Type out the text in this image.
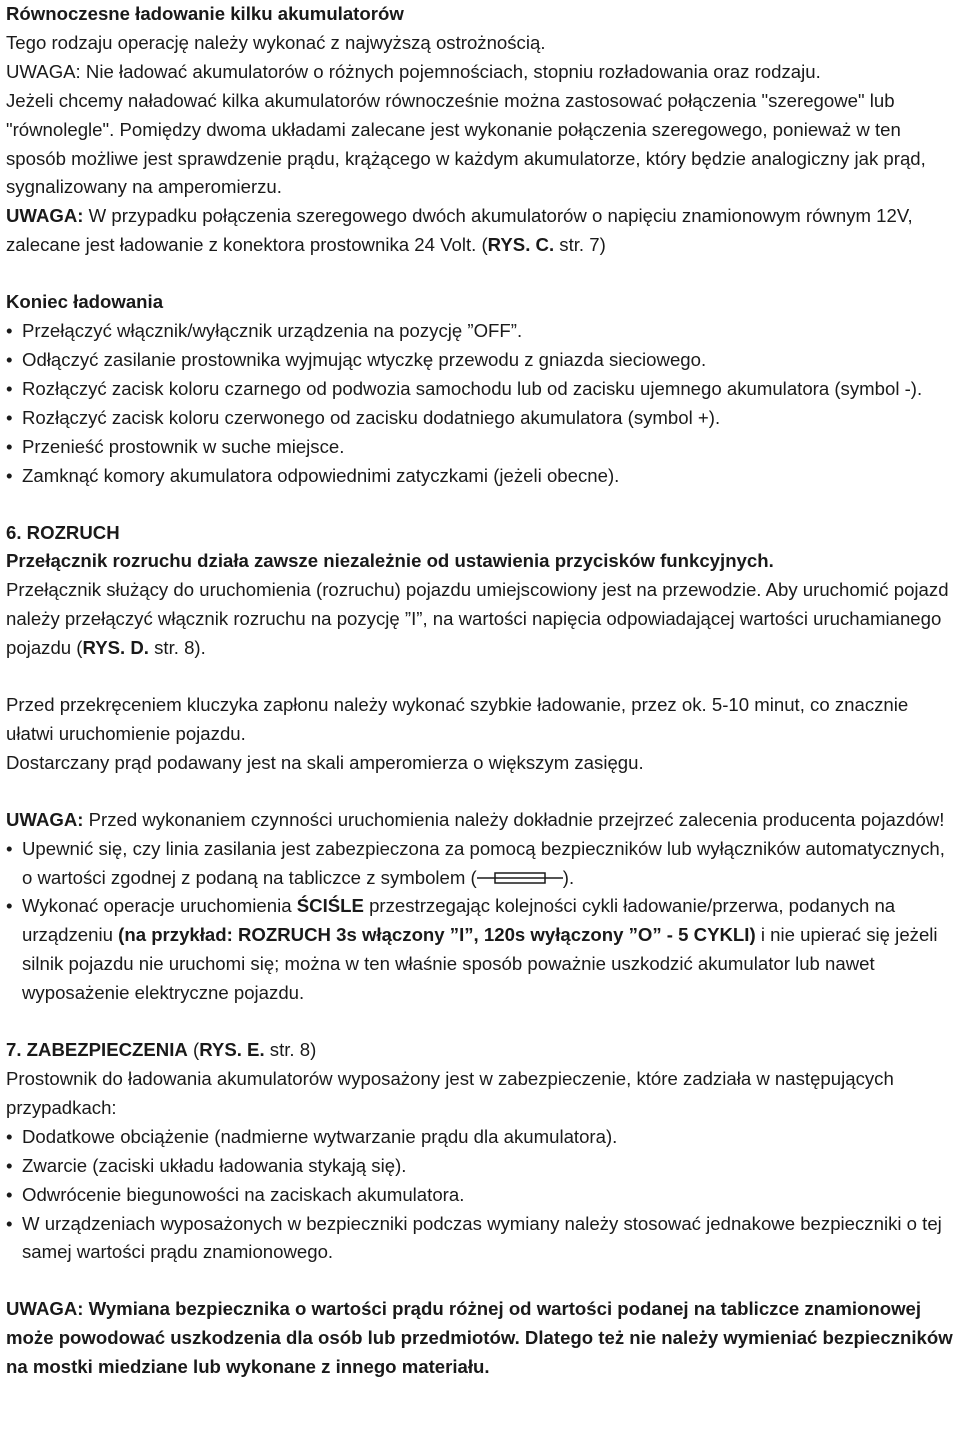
Równoczesne ładowanie kilku akumulatorów

Tego rodzaju operację należy wykonać z najwyższą ostrożnością.

UWAGA: Nie ładować akumulatorów o różnych pojemnościach, stopniu rozładowania oraz rodzaju.

Jeżeli chcemy naładować kilka akumulatorów równocześnie można zastosować połączenia "szeregowe" lub "równolegle". Pomiędzy dwoma układami zalecane jest wykonanie połączenia szeregowego, ponieważ w ten sposób możliwe jest sprawdzenie prądu, krążącego w każdym akumulatorze, który będzie analogiczny jak prąd, sygnalizowany na amperomierzu.

UWAGA: W przypadku połączenia szeregowego dwóch akumulatorów o napięciu znamionowym równym 12V, zalecane jest ładowanie z konektora prostownika 24 Volt. (RYS. C. str. 7)

Koniec ładowania

• Przełączyć włącznik/wyłącznik urządzenia na pozycję ”OFF”.
• Odłączyć zasilanie prostownika wyjmując wtyczkę przewodu z gniazda sieciowego.
• Rozłączyć zacisk koloru czarnego od podwozia samochodu lub od zacisku ujemnego akumulatora (symbol -).
• Rozłączyć zacisk koloru czerwonego od zacisku dodatniego akumulatora (symbol +).
• Przenieść prostownik w suche miejsce.
• Zamknąć komory akumulatora odpowiednimi zatyczkami (jeżeli obecne).

6. ROZRUCH

Przełącznik rozruchu działa zawsze niezależnie od ustawienia przycisków funkcyjnych.

Przełącznik służący do uruchomienia (rozruchu) pojazdu umiejscowiony jest na przewodzie. Aby uruchomić pojazd należy przełączyć włącznik rozruchu na pozycję ”I”, na wartości napięcia odpowiadającej wartości uruchamianego pojazdu (RYS. D. str. 8).

Przed przekręceniem kluczyka zapłonu należy wykonać szybkie ładowanie, przez ok. 5-10 minut, co znacznie ułatwi uruchomienie pojazdu.

Dostarczany prąd podawany jest na skali amperomierza o większym zasięgu.

UWAGA: Przed wykonaniem czynności uruchomienia należy dokładnie przejrzeć zalecenia producenta pojazdów!

• Upewnić się, czy linia zasilania jest zabezpieczona za pomocą bezpieczników lub wyłączników automatycznych, o wartości zgodnej z podaną na tabliczce z symbolem (	).
• Wykonać operacje uruchomienia ŚCIŚLE przestrzegając kolejności cykli ładowanie/przerwa, podanych na urządzeniu (na przykład: ROZRUCH 3s włączony ”I”, 120s wyłączony ”O” - 5 CYKLI) i nie upierać się jeżeli silnik pojazdu nie uruchomi się; można w ten właśnie sposób poważnie uszkodzić akumulator lub nawet wyposażenie elektryczne pojazdu.

7. ZABEZPIECZENIA (RYS. E. str. 8)

Prostownik do ładowania akumulatorów wyposażony jest w zabezpieczenie, które zadziała w następujących przypadkach:

• Dodatkowe obciążenie (nadmierne wytwarzanie prądu dla akumulatora).
• Zwarcie (zaciski układu ładowania stykają się).
• Odwrócenie biegunowości na zaciskach akumulatora.
• W urządzeniach wyposażonych w bezpieczniki podczas wymiany należy stosować jednakowe bezpieczniki o tej samej wartości prądu znamionowego.

UWAGA: Wymiana bezpiecznika o wartości prądu różnej od wartości podanej na tabliczce znamionowej może powodować uszkodzenia dla osób lub przedmiotów. Dlatego też nie należy wymieniać bezpieczników na mostki miedziane lub wykonane z innego materiału.
